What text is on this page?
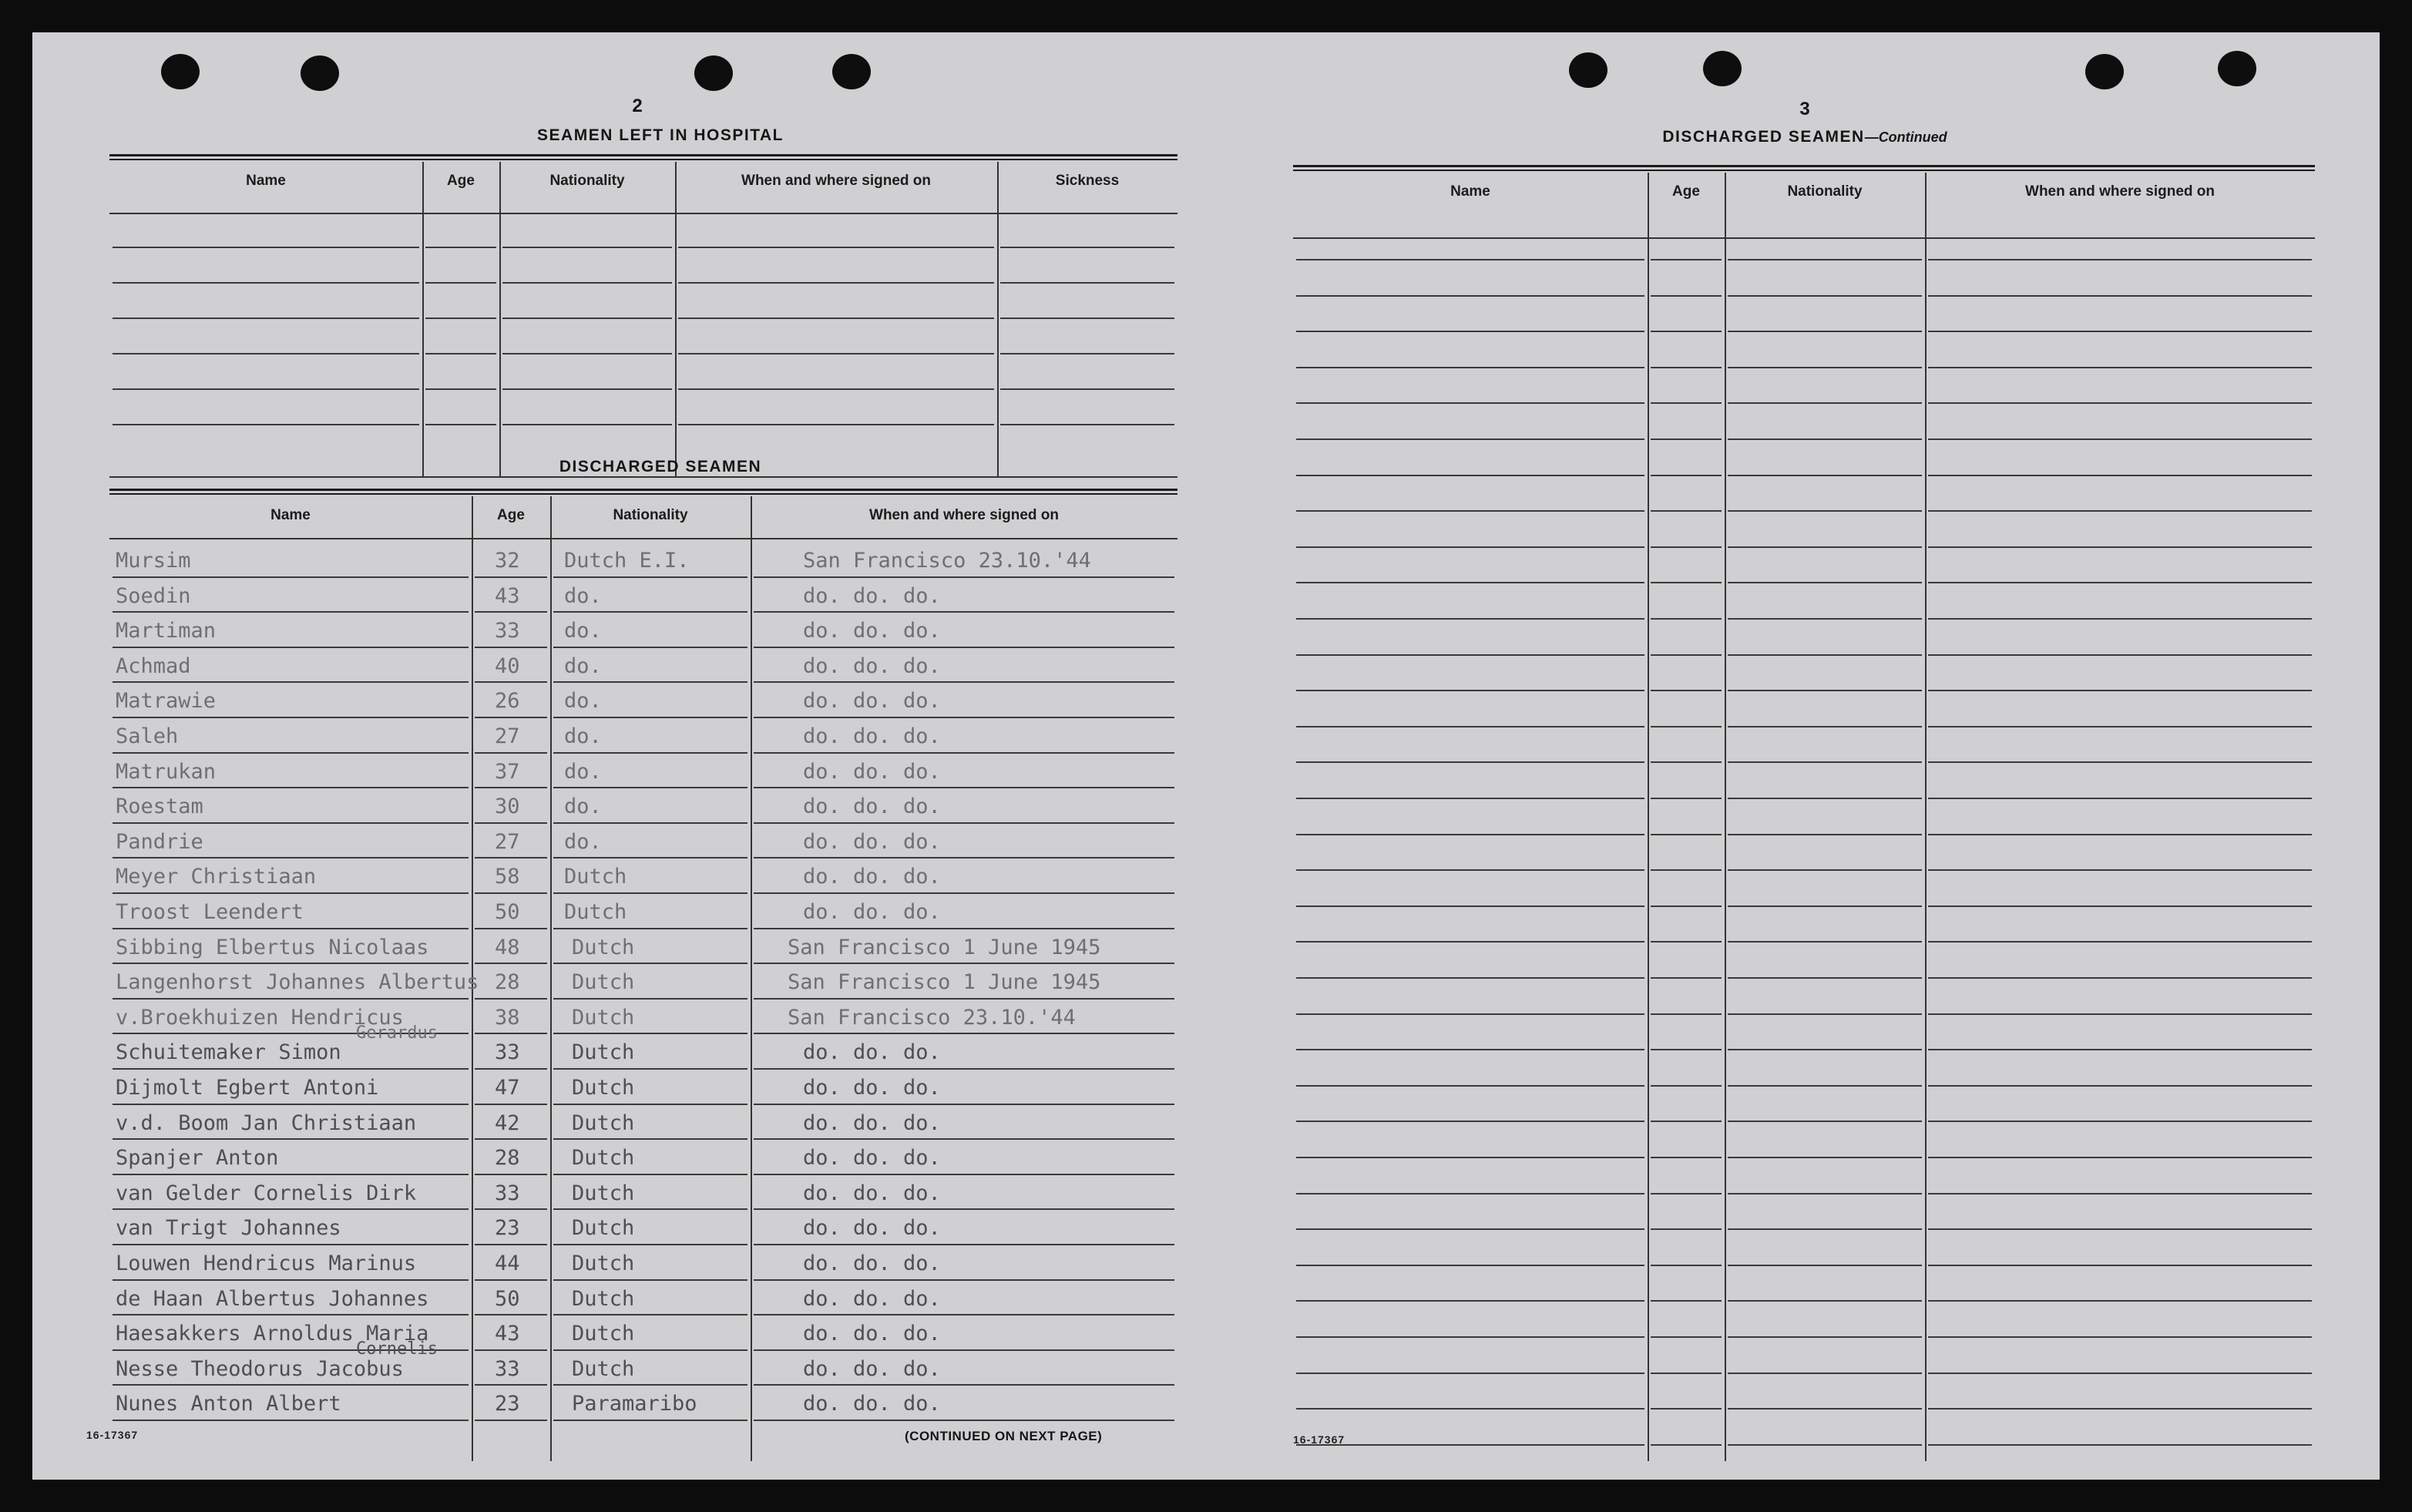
2
SEAMEN LEFT IN HOSPITAL
Name	Age	Nationality	When and where signed on	Sickness
DISCHARGED SEAMEN
Name	Age	Nationality	When and where signed on
Mursim	32 Dutch E.I.	San Francisco 23.10.'44
Soedin	43 do.	do. do. do.
Martiman	33 do.	do. do. do.
Achmad	40 do.	do. do. do.
Matrawie	26 do.	do. do. do.
Saleh	27 do.	do. do. do.
Matrukan	37 do.	do. do. do.
Roestam	30 do.	do. do. do.
Pandrie	27 do.	do. do. do.
Meyer Christiaan	58 Dutch	do. do. do.
Troost Leendert	50 Dutch	do. do. do.
Sibbing Elbertus Nicolaas	48 Dutch	San Francisco 1 June 1945
Langenhorst Johannes Albertus 28 Dutch	San Francisco 1 June 1945
v.Broekhuizen Hendricus	38 Dutch	San Francisco 23.10.'44
Gerardus
Schuitemaker Simon	33 Dutch	do. do. do.
Dijmolt Egbert Antoni	47 Dutch	do. do. do.
v.d. Boom Jan Christiaan	42 Dutch	do. do. do.
Spanjer Anton	28 Dutch	do. do. do.
van Gelder Cornelis Dirk	33 Dutch	do. do. do.
van Trigt Johannes	23 Dutch	do. do. do.
Louwen Hendricus Marinus	44 Dutch	do. do. do.
de Haan Albertus Johannes	50 Dutch	do. do. do.
Haesakkers Arnoldus Maria	43 Dutch	do. do. do.
Cornelis
Nesse Theodorus Jacobus	33 Dutch	do. do. do.
Nunes Anton Albert	23 Paramaribo	do. do. do.
16-17367	(CONTINUED ON NEXT PAGE)
3
DISCHARGED SEAMEN—Continued
Name	Age	Nationality	When and where signed on
16-17367
